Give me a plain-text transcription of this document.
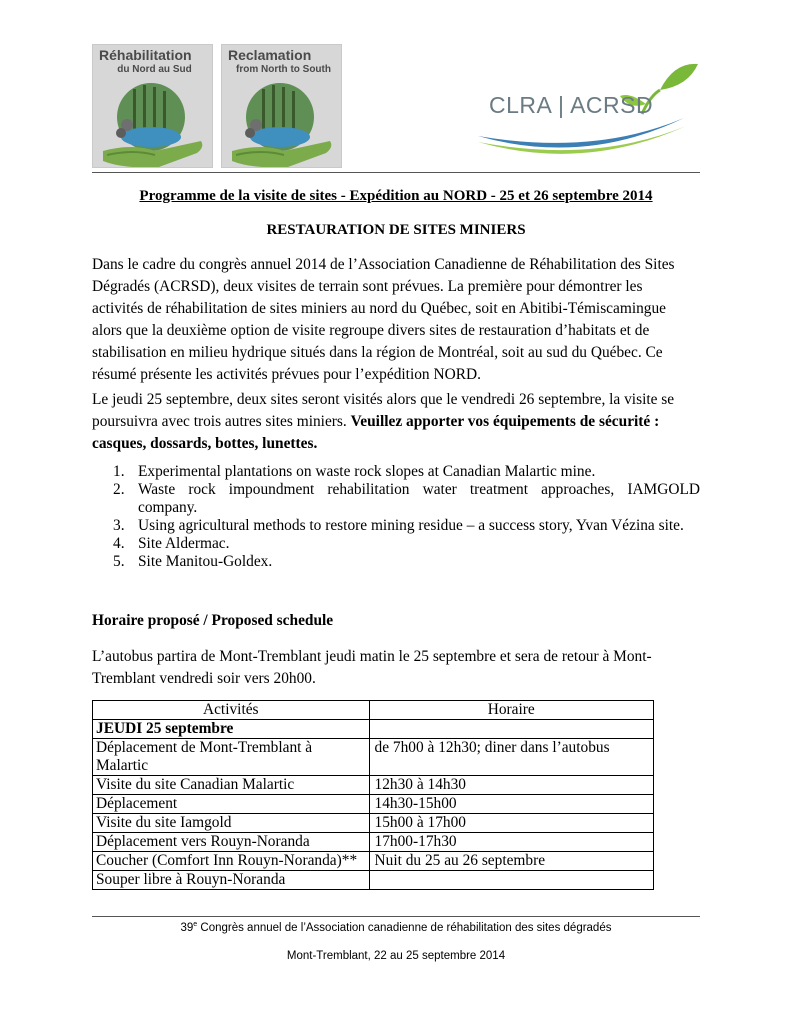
Réhabilitation
du Nord au Sud
Reclamation
from North to South
CLRA | ACRSD
Programme de la visite de sites - Expédition au NORD - 25 et 26 septembre 2014
RESTAURATION DE SITES MINIERS
Dans le cadre du congrès annuel 2014 de l’Association Canadienne de Réhabilitation des Sites
Dégradés (ACRSD), deux visites de terrain sont prévues. La première pour démontrer les
activités de réhabilitation de sites miniers au nord du Québec, soit en Abitibi-Témiscamingue
alors que la deuxième option de visite regroupe divers sites de restauration d’habitats et de
stabilisation en milieu hydrique situés dans la région de Montréal, soit au sud du Québec. Ce
résumé présente les activités prévues pour l’expédition NORD.
Le jeudi 25 septembre, deux sites seront visités alors que le vendredi 26 septembre, la visite se
poursuivra avec trois autres sites miniers. Veuillez apporter vos équipements de sécurité :
casques, dossards, bottes, lunettes.
1. Experimental plantations on waste rock slopes at Canadian Malartic mine.
2. Waste rock impoundment rehabilitation water treatment approaches, IAMGOLD
company.
3. Using agricultural methods to restore mining residue – a success story, Yvan Vézina site.
4. Site Aldermac.
5. Site Manitou-Goldex.
Horaire proposé / Proposed schedule
L’autobus partira de Mont-Tremblant jeudi matin le 25 septembre et sera de retour à Mont-
Tremblant vendredi soir vers 20h00.
Activités	Horaire
JEUDI 25 septembre	
Déplacement de Mont-Tremblant à
Malartic	de 7h00 à 12h30; diner dans l’autobus
Visite du site Canadian Malartic	12h30 à 14h30
Déplacement	14h30-15h00
Visite du site Iamgold	15h00 à 17h00
Déplacement vers Rouyn-Noranda	17h00-17h30
Coucher (Comfort Inn Rouyn-Noranda)**	Nuit du 25 au 26 septembre
Souper libre à Rouyn-Noranda	
39e Congrès annuel de l’Association canadienne de réhabilitation des sites dégradés
Mont-Tremblant, 22 au 25 septembre 2014
